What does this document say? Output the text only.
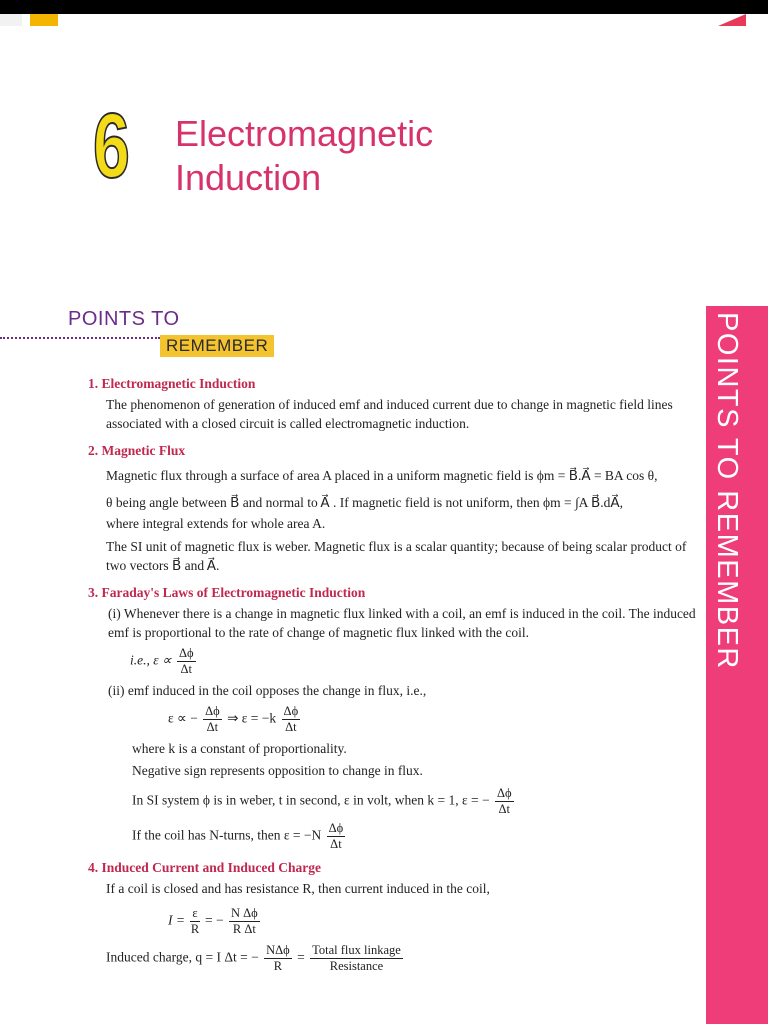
6 Electromagnetic
Induction
POINTS TO
REMEMBER	POINTS TO REMEMBER
1. Electromagnetic Induction
The phenomenon of generation of induced emf and induced current due to change in magnetic field lines associated with a closed circuit is called electromagnetic induction.
2. Magnetic Flux
Magnetic flux through a surface of area A placed in a uniform magnetic field is ϕm = B⃗.A⃗ = BA cos θ,
θ being angle between B⃗ and normal to A⃗ . If magnetic field is not uniform, then ϕm = ∫A B⃗.dA⃗,
where integral extends for whole area A.
The SI unit of magnetic flux is weber. Magnetic flux is a scalar quantity; because of being scalar product of two vectors B⃗ and A⃗.
3. Faraday's Laws of Electromagnetic Induction
(i) Whenever there is a change in magnetic flux linked with a coil, an emf is induced in the coil. The induced emf is proportional to the rate of change of magnetic flux linked with the coil.
i.e., $\varepsilon \propto \frac{\Delta\phi}{\Delta t}$
(ii) emf induced in the coil opposes the change in flux, i.e.,
ε ∝ − $\frac{\Delta\phi}{\Delta t}$ ⇒ $\varepsilon = -k \frac{\Delta\phi}{\Delta t}$
where k is a constant of proportionality.
Negative sign represents opposition to change in flux.
In SI system ϕ is in weber, t in second, ε in volt, when k = 1, ε = − $\frac{\Delta\phi}{\Delta t}$
If the coil has N-turns, then $\varepsilon = -N \frac{\Delta\phi}{\Delta t}$
4. Induced Current and Induced Charge
If a coil is closed and has resistance R, then current induced in the coil,
$I = \frac{\varepsilon}{R}$ = − $\frac{\text{N Δϕ}}{\text{R Δt}}$
Induced charge, q = I Δt = − $\frac{\text{NΔϕ}}{R} = \frac{\text{Total flux linkage}}{\text{Resistance}}$
